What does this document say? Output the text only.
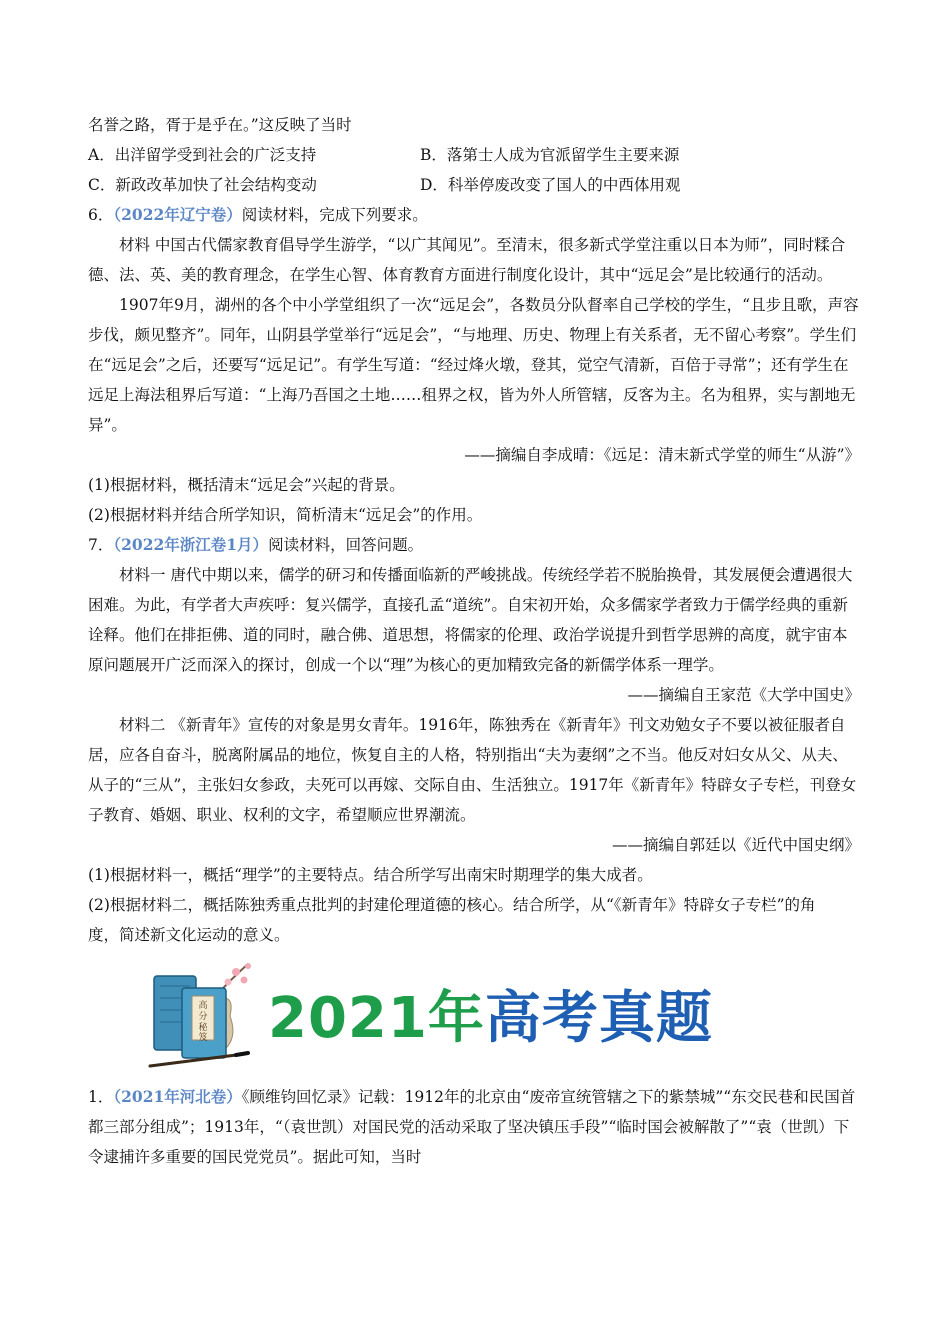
名誉之路，胥于是乎在。”这反映了当时

A．出洋留学受到社会的广泛支持	B．落第士人成为官派留学生主要来源
C．新政改革加快了社会结构变动	D．科举停废改变了国人的中西体用观

6．（2022年辽宁卷）阅读材料，完成下列要求。

材料 中国古代儒家教育倡导学生游学，“以广其闻见”。至清末，很多新式学堂注重以日本为师”，同时糅合德、法、英、美的教育理念，在学生心智、体育教育方面进行制度化设计，其中“远足会”是比较通行的活动。

1907年9月，湖州的各个中小学堂组织了一次“远足会”，各数员分队督率自己学校的学生，“且步且歌，声容步伐，颇见整齐”。同年，山阴县学堂举行“远足会”，“与地理、历史、物理上有关系者，无不留心考察”。学生们在“远足会”之后，还要写“远足记”。有学生写道：“经过烽火墩，登其，觉空气清新，百倍于寻常”；还有学生在远足上海法租界后写道：“上海乃吾国之土地……租界之权，皆为外人所管辖，反客为主。名为租界，实与割地无异”。

——摘编自李成晴：《远足：清末新式学堂的师生“从游”》

(1)根据材料，概括清末“远足会”兴起的背景。

(2)根据材料并结合所学知识，简析清末“远足会”的作用。

7．（2022年浙江卷1月）阅读材料，回答问题。

材料一 唐代中期以来，儒学的研习和传播面临新的严峻挑战。传统经学若不脱胎换骨，其发展便会遭遇很大困难。为此，有学者大声疾呼：复兴儒学，直接孔孟“道统”。自宋初开始，众多儒家学者致力于儒学经典的重新诠释。他们在排拒佛、道的同时，融合佛、道思想，将儒家的伦理、政治学说提升到哲学思辨的高度，就宇宙本原问题展开广泛而深入的探讨，创成一个以“理”为核心的更加精致完备的新儒学体系一理学。

——摘编自王家范《大学中国史》

材料二 《新青年》宣传的对象是男女青年。1916年，陈独秀在《新青年》刊文劝勉女子不要以被征服者自居，应各自奋斗，脱离附属品的地位，恢复自主的人格，特别指出“夫为妻纲”之不当。他反对妇女从父、从夫、从子的“三从”，主张妇女参政，夫死可以再嫁、交际自由、生活独立。1917年《新青年》特辟女子专栏，刊登女子教育、婚姻、职业、权利的文字，希望顺应世界潮流。

——摘编自郭廷以《近代中国史纲》

(1)根据材料一，概括“理学”的主要特点。结合所学写出南宋时期理学的集大成者。

(2)根据材料二，概括陈独秀重点批判的封建伦理道德的核心。结合所学，从“《新青年》特辟女子专栏”的角度，简述新文化运动的意义。

高
分
秘
笈 2021年高考真题

1．（2021年河北卷）《顾维钧回忆录》记载：1912年的北京由“废帝宣统管辖之下的紫禁城”“东交民巷和民国首都三部分组成”；1913年，“（袁世凯）对国民党的活动采取了坚决镇压手段”“临时国会被解散了”“袁（世凯）下令逮捕许多重要的国民党党员”。据此可知，当时
